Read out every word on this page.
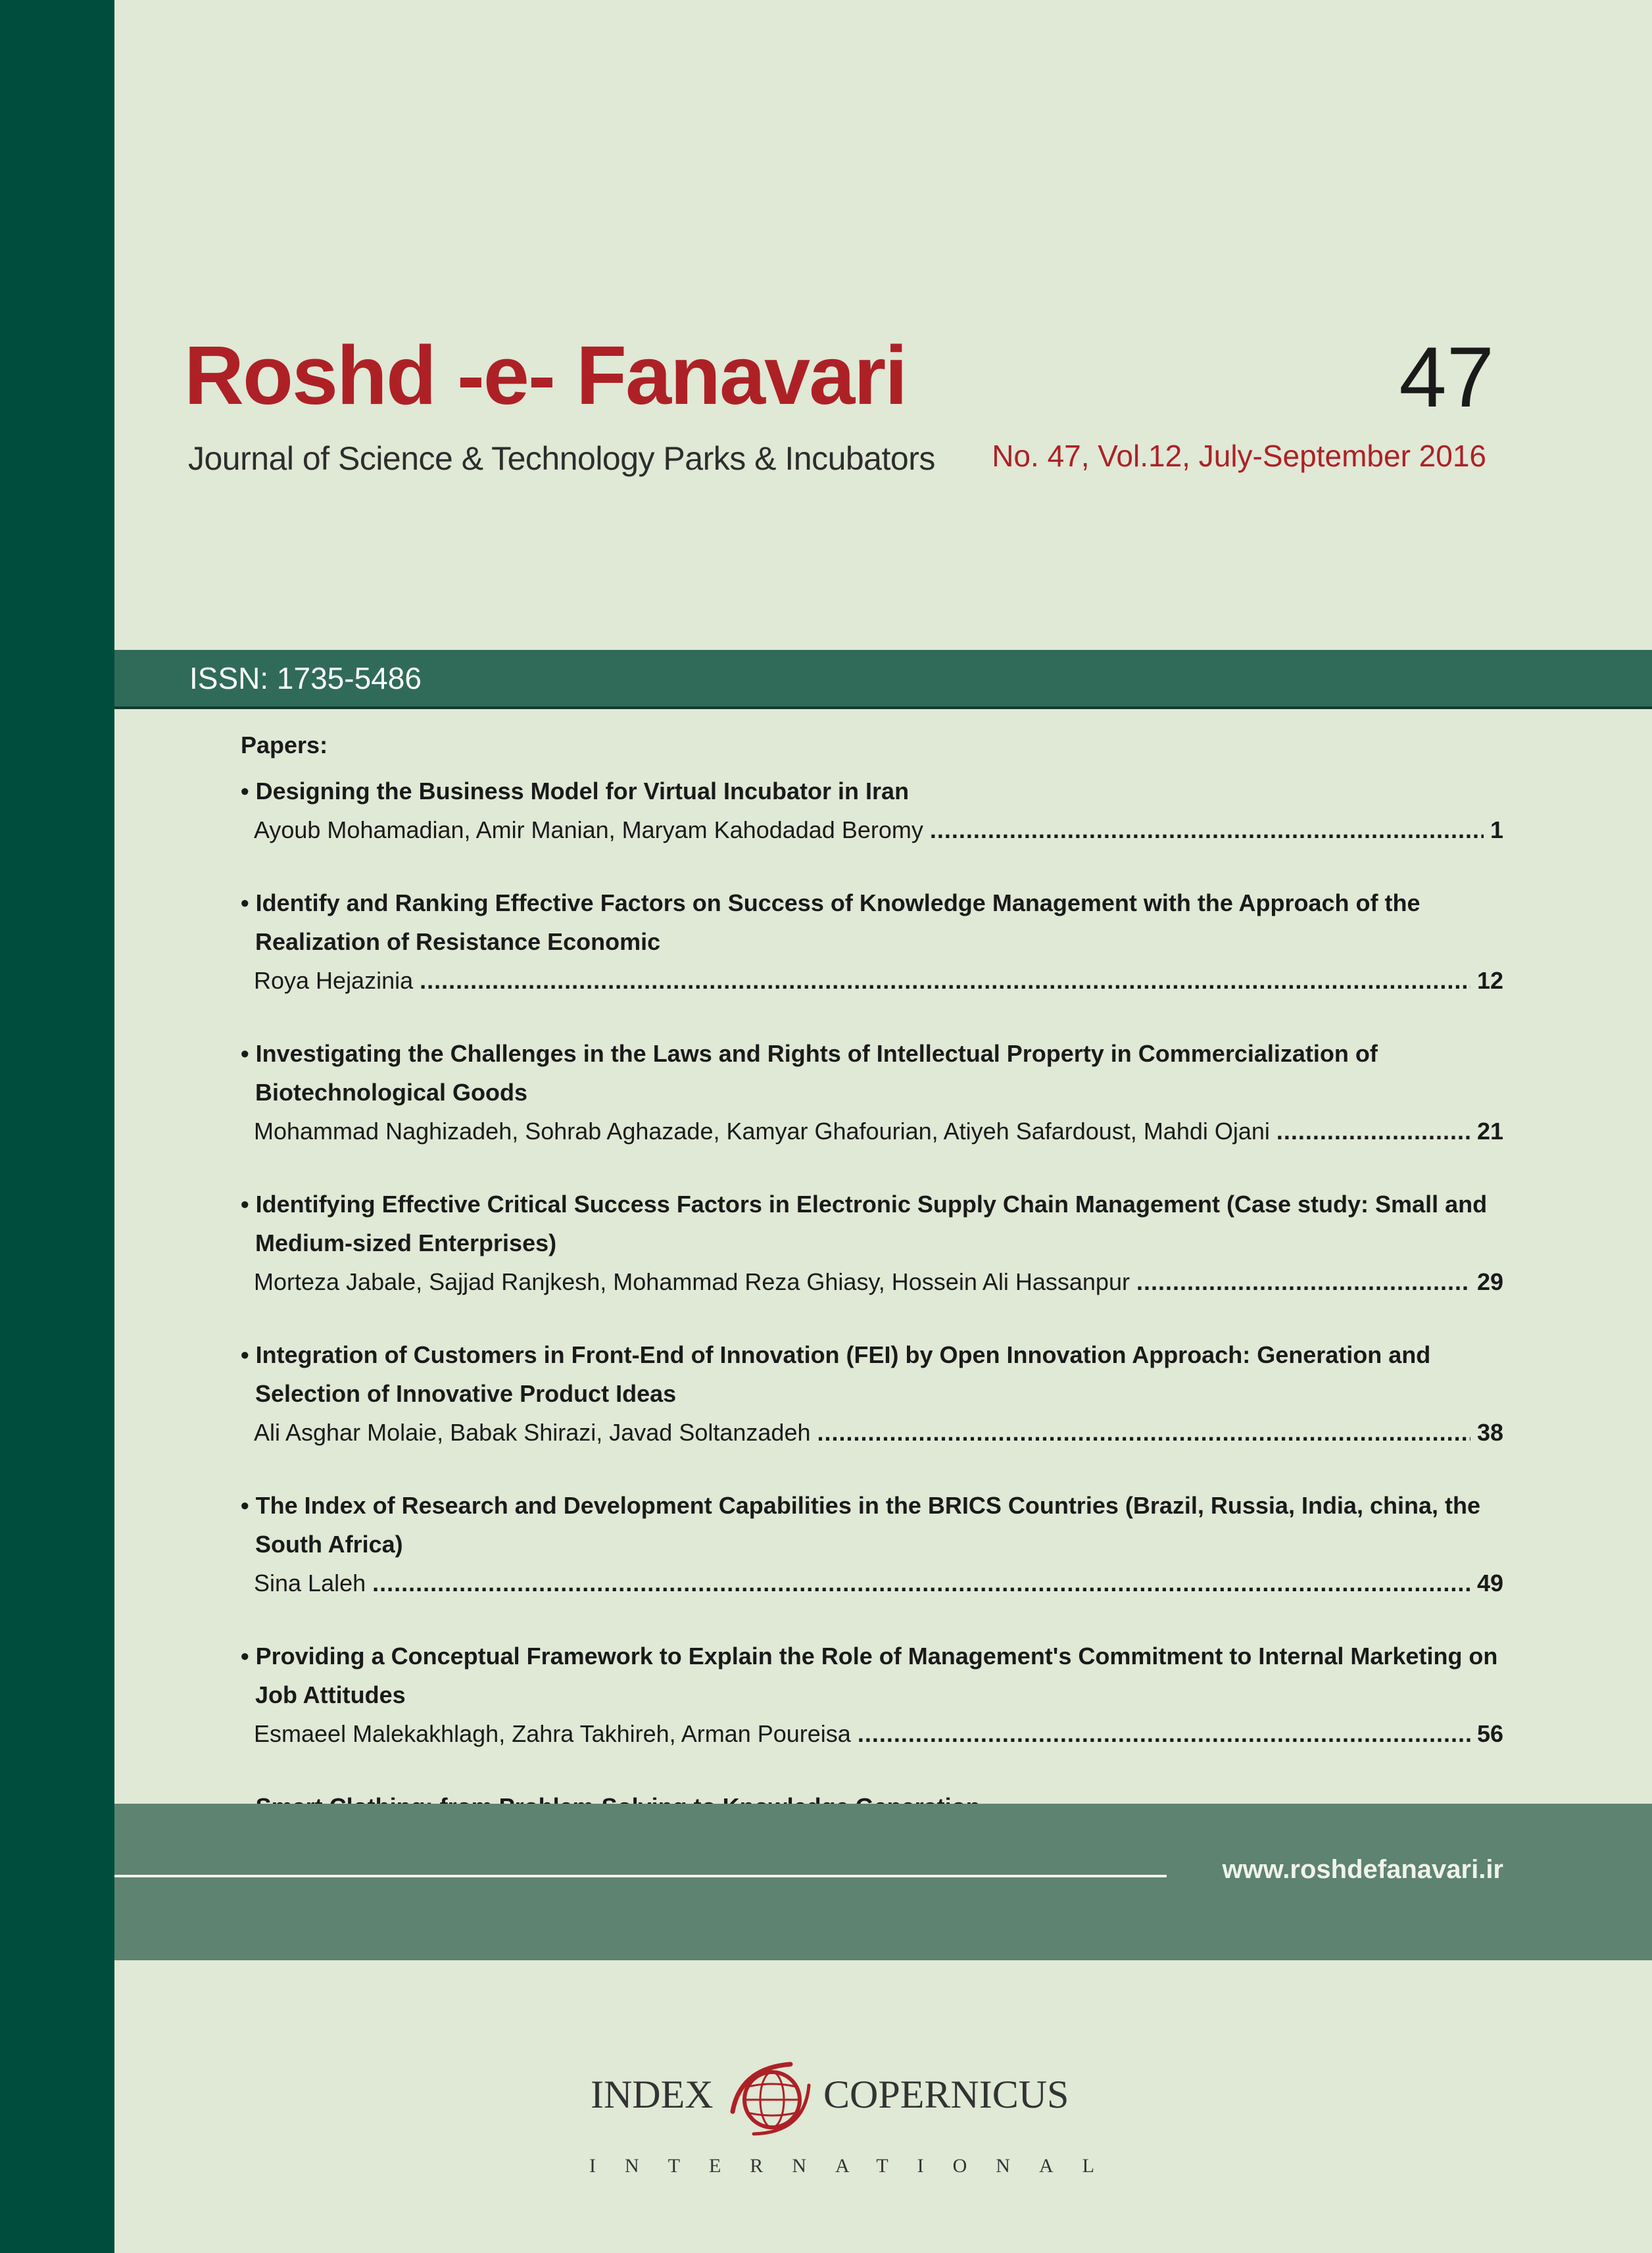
Roshd -e- Fanavari
Journal of Science & Technology Parks & Incubators
47
No. 47, Vol.12, July-September 2016
ISSN: 1735-5486
Papers:
• Designing the Business Model for Virtual Incubator in Iran
Ayoub Mohamadian, Amir Manian, Maryam Kahodadad Beromy .....	1
• Identify and Ranking Effective Factors on Success of Knowledge Management with the Approach of the Realization of Resistance Economic
Roya Hejazinia .....	12
• Investigating the Challenges in the Laws and Rights of Intellectual Property in Commercialization of Biotechnological Goods
Mohammad Naghizadeh, Sohrab Aghazade, Kamyar Ghafourian, Atiyeh Safardoust, Mahdi Ojani .....	21
• Identifying Effective Critical Success Factors in Electronic Supply Chain Management (Case study: Small and Medium-sized Enterprises)
Morteza Jabale, Sajjad Ranjkesh, Mohammad Reza Ghiasy, Hossein Ali Hassanpur .....	29
• Integration of Customers in Front-End of Innovation (FEI) by Open Innovation Approach: Generation and Selection of Innovative Product Ideas
Ali Asghar Molaie, Babak Shirazi, Javad Soltanzadeh .....	38
• The Index of Research and Development Capabilities in the BRICS Countries (Brazil, Russia, India, china, the South Africa)
Sina Laleh .....	49
• Providing a Conceptual Framework to Explain the Role of Management's Commitment to Internal Marketing on Job Attitudes
Esmaeel Malekakhlagh, Zahra Takhireh, Arman Poureisa .....	56
.....
www.roshdefanavari.ir
INDEX	COPERNICUS
INTERNATIONAL
